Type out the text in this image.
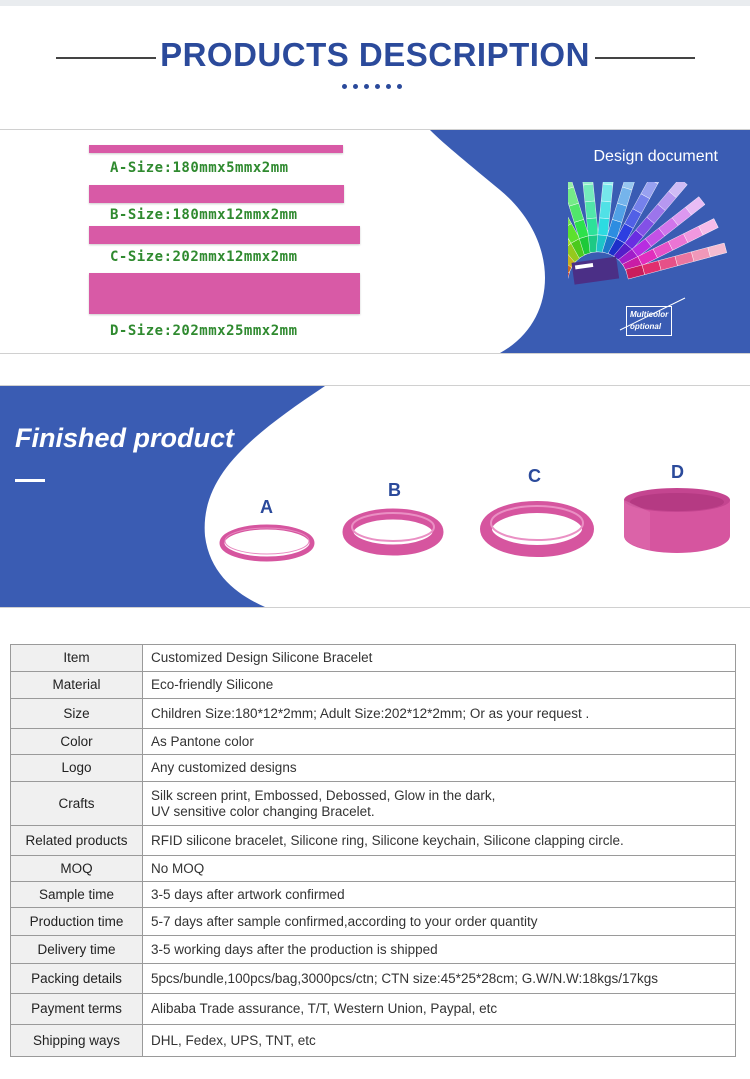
PRODUCTS DESCRIPTION
A-Size:180mmx5mmx2mm
B-Size:180mmx12mmx2mm
C-Size:202mmx12mmx2mm
D-Size:202mmx25mmx2mm
Design document
Multicolor
optional
Finished product
A
B
C	D
Item	Customized Design Silicone Bracelet
Material	Eco-friendly Silicone
Size	Children Size:180*12*2mm; Adult Size:202*12*2mm; Or as your request .
Color	As Pantone color
Logo	Any customized designs
Crafts	Silk screen print, Embossed, Debossed, Glow in the dark,
UV sensitive color changing Bracelet.

Related products	RFID silicone bracelet, Silicone ring, Silicone keychain, Silicone clapping circle.
MOQ	No MOQ
Sample time	3-5 days after artwork confirmed
Production time	5-7 days after sample confirmed,according to your order quantity
Delivery time	3-5 working days after the production is shipped
Packing details	5pcs/bundle,100pcs/bag,3000pcs/ctn; CTN size:45*25*28cm; G.W/N.W:18kgs/17kgs
Payment terms	Alibaba Trade assurance, T/T, Western Union, Paypal, etc
Shipping ways	DHL, Fedex, UPS, TNT, etc
